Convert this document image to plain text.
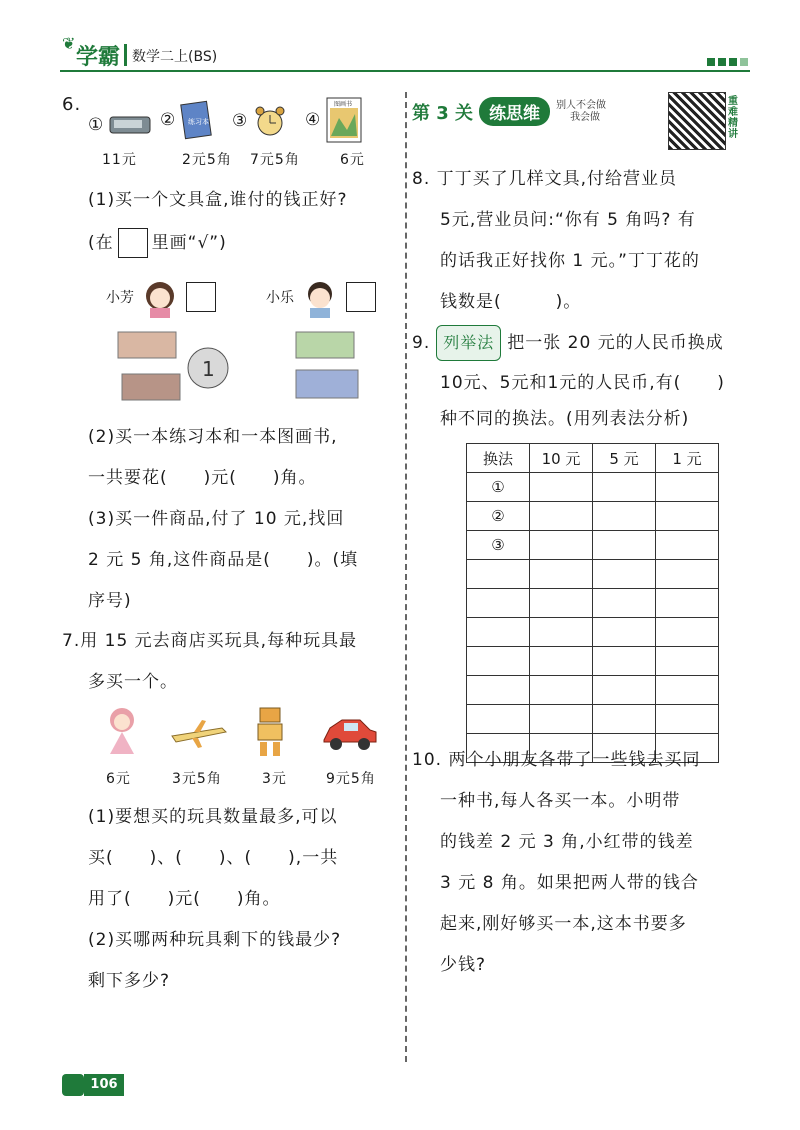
❦
学霸 数学二上(BS)
6.
①	② 练习本 ③	④
图画书
11元	2元5角 7元5角	6元
(1)买一个文具盒,谁付的钱正好?
(在 里画“√”)
小芳	小乐
1
(2)买一本练习本和一本图画书,
一共要花(　　)元(　　)角。
(3)买一件商品,付了 10 元,找回
2 元 5 角,这件商品是(　　)。(填
序号)
7.用 15 元去商店买玩具,每种玩具最
多买一个。
6元	3元5角	3元	9元5角
(1)要想买的玩具数量最多,可以
买(　　)、(　　)、(　　),一共
用了(　　)元(　　)角。
(2)买哪两种玩具剩下的钱最少?
剩下多少?
第 3 关 练思维	别人不会做
我会做
重难精讲
8. 丁丁买了几样文具,付给营业员
5元,营业员问:“你有 5 角吗? 有
的话我正好找你 1 元。”丁丁花的
钱数是(　　　)。
9. 列举法 把一张 20 元的人民币换成
10元、5元和1元的人民币,有(　　)
种不同的换法。(用列表法分析)
换法	10 元	5 元	1 元
①			
②			
③			

10. 两个小朋友各带了一些钱去买同
一种书,每人各买一本。小明带
的钱差 2 元 3 角,小红带的钱差
3 元 8 角。如果把两人带的钱合
起来,刚好够买一本,这本书要多
少钱?
106
